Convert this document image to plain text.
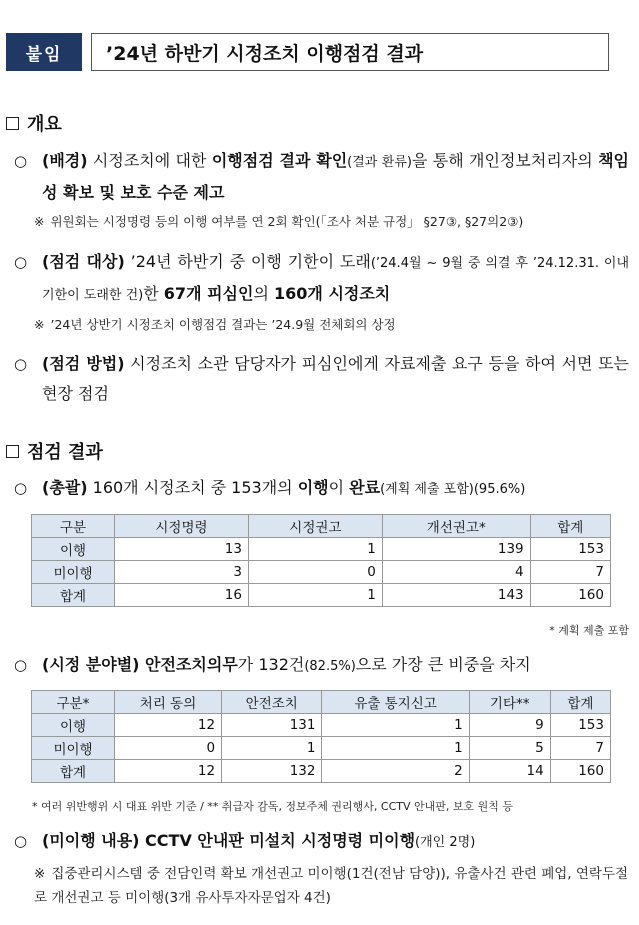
붙임	’24년 하반기 시정조치 이행점검 결과
개요
○ (배경) 시정조치에 대한 이행점검 결과 확인(결과 환류)을 통해 개인정보처리자의 책임성 확보 및 보호 수준 제고
※ 위원회는 시정명령 등의 이행 여부를 연 2회 확인(「조사 처분 규정」 §27③, §27의2③)
○ (점검 대상) ’24년 하반기 중 이행 기한이 도래(’24.4월 ~ 9월 중 의결 후 ’24.12.31. 이내 기한이 도래한 건)한 67개 피심인의 160개 시정조치
※ ’24년 상반기 시정조치 이행점검 결과는 ’24.9월 전체회의 상정
○ (점검 방법) 시정조치 소관 담당자가 피심인에게 자료제출 요구 등을 하여 서면 또는 현장 점검
점검 결과
○ (총괄) 160개 시정조치 중 153개의 이행이 완료(계획 제출 포함)(95.6%)
구분	시정명령	시정권고	개선권고*	합계
이행	13	1	139	153
미이행	3	0	4	7
합계	16	1	143	160
* 계획 제출 포함
○ (시정 분야별) 안전조치의무가 132건(82.5%)으로 가장 큰 비중을 차지
구분*	처리 동의	안전조치	유출 통지신고	기타**	합계
이행	12	131	1	9	153
미이행	0	1	1	5	7
합계	12	132	2	14	160
* 여러 위반행위 시 대표 위반 기준 / ** 취급자 감독, 정보주체 권리행사, CCTV 안내판, 보호 원칙 등
○ (미이행 내용) CCTV 안내판 미설치 시정명령 미이행(개인 2명)
※ 집중관리시스템 중 전담인력 확보 개선권고 미이행(1건(전남 담양)), 유출사건 관련 폐업, 연락두절로 개선권고 등 미이행(3개 유사투자자문업자 4건)
